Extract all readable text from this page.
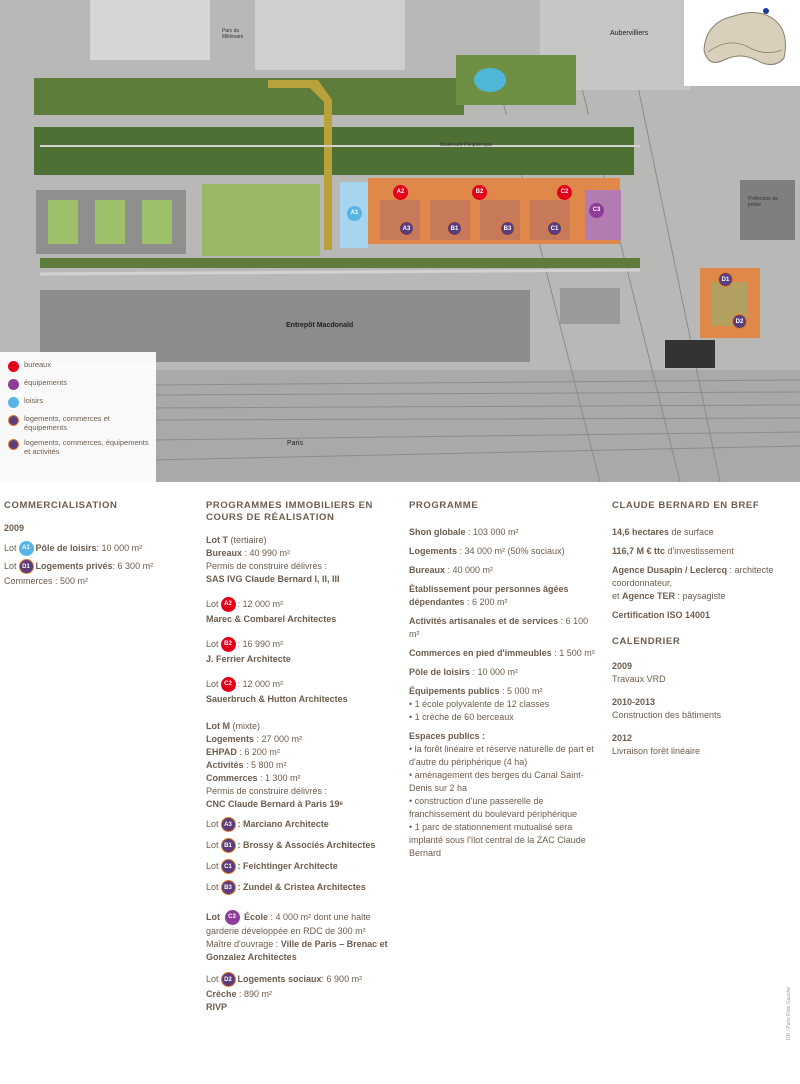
A1
A2	B2	C2
C3
A3	B1	B3	C1
D1
D2
Entrepôt Macdonald
Paris
Aubervilliers
Parc du Millénaire
Boulevard Périphérique
Préfecture de police
bureaux
équipements
loisirs
logements, commerces et équipements
logements, commerces, équipements et activités
COMMERCIALISATION
2009
Lot A1 Pôle de loisirs : 10 000 m²
Lot D1 Logements privés : 6 300 m²
Commerces : 500 m²
PROGRAMMES IMMOBILIERS EN COURS DE RÉALISATION
Lot T (tertiaire)
Bureaux : 40 990 m²
Permis de construire délivrés :
SAS IVG Claude Bernard I, II, III
Lot A2 : 12 000 m²
Marec & Combarel Architectes
Lot B2 : 16 990 m²
J. Ferrier Architecte
Lot C2 : 12 000 m²
Sauerbruch & Hutton Architectes
Lot M (mixte)
Logements : 27 000 m²
EHPAD : 6 200 m²
Activités : 5 800 m²
Commerces : 1 300 m²
Permis de construire délivrés :
CNC Claude Bernard à Paris 19ᵉ
Lot A3 : Marciano Architecte
Lot B1 : Brossy & Associés Architectes
Lot C1 : Feichtinger Architecte
Lot B3 : Zundel & Cristea Architectes
Lot C3 École : 4 000 m² dont une halte garderie développée en RDC de 300 m²
Maître d'ouvrage : Ville de Paris – Brenac et Gonzalez Architectes
Lot D2 Logements sociaux : 6 900 m²
Crèche : 890 m²
RIVP
PROGRAMME
Shon globale : 103 000 m²
Logements : 34 000 m² (50% sociaux)
Bureaux : 40 000 m²
Établissement pour personnes âgées dépendantes : 6 200 m²
Activités artisanales et de services : 6 100 m²
Commerces en pied d'immeubles : 1 500 m²
Pôle de loisirs : 10 000 m²
Équipements publics : 5 000 m²
• 1 école polyvalente de 12 classes
• 1 crèche de 60 berceaux
Espaces publics :
• la forêt linéaire et réserve naturelle de part et d'autre du périphérique (4 ha)
• aménagement des berges du Canal Saint-Denis sur 2 ha
• construction d'une passerelle de franchissement du boulevard périphérique
• 1 parc de stationnement mutualisé sera implanté sous l'îlot central de la ZAC Claude Bernard
CLAUDE BERNARD EN BREF
14,6 hectares de surface
116,7 M € ttc d'investissement
Agence Dusapin / Leclercq : architecte coordonnateur,
et Agence TER : paysagiste
Certification ISO 14001
CALENDRIER
2009
Travaux VRD
2010-2013
Construction des bâtiments
2012
Livraison forêt linéaire
DR / Paris Rive Gauche
